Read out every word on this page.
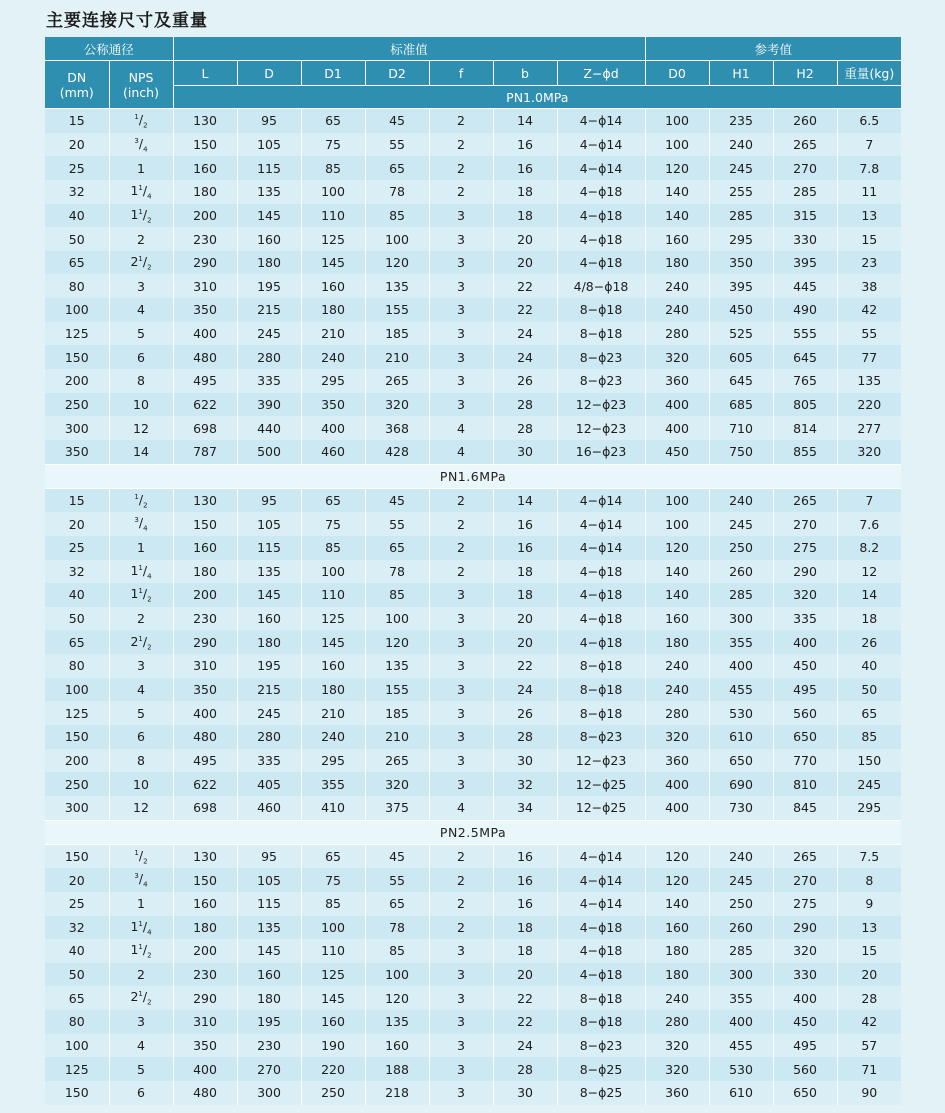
主要连接尺寸及重量
公称通径		标准值							参考值			
DN
(mm)	NPS
(inch)	L	D	D1	D2	f	b	Z−ϕd	D0	H1	H2	重量(kg)
		PN1.0MPa										
15	$^1/_2$	130	95	65	45	2	14	4−ϕ14	100	235	260	6.5
20	$^3/_4$	150	105	75	55	2	16	4−ϕ14	100	240	265	7
25	1	160	115	85	65	2	16	4−ϕ14	120	245	270	7.8
32	$1^1/_4$	180	135	100	78	2	18	4−ϕ18	140	255	285	11
40	$1^1/_2$	200	145	110	85	3	18	4−ϕ18	140	285	315	13
50	2	230	160	125	100	3	20	4−ϕ18	160	295	330	15
65	$2^1/_2$	290	180	145	120	3	20	4−ϕ18	180	350	395	23
80	3	310	195	160	135	3	22	4/8−ϕ18	240	395	445	38
100	4	350	215	180	155	3	22	8−ϕ18	240	450	490	42
125	5	400	245	210	185	3	24	8−ϕ18	280	525	555	55
150	6	480	280	240	210	3	24	8−ϕ23	320	605	645	77
200	8	495	335	295	265	3	26	8−ϕ23	360	645	765	135
250	10	622	390	350	320	3	28	12−ϕ23	400	685	805	220
300	12	698	440	400	368	4	28	12−ϕ23	400	710	814	277
350	14	787	500	460	428	4	30	16−ϕ23	450	750	855	320
PN1.6MPa												
15	$^1/_2$	130	95	65	45	2	14	4−ϕ14	100	240	265	7
20	$^3/_4$	150	105	75	55	2	16	4−ϕ14	100	245	270	7.6
25	1	160	115	85	65	2	16	4−ϕ14	120	250	275	8.2
32	$1^1/_4$	180	135	100	78	2	18	4−ϕ18	140	260	290	12
40	$1^1/_2$	200	145	110	85	3	18	4−ϕ18	140	285	320	14
50	2	230	160	125	100	3	20	4−ϕ18	160	300	335	18
65	$2^1/_2$	290	180	145	120	3	20	4−ϕ18	180	355	400	26
80	3	310	195	160	135	3	22	8−ϕ18	240	400	450	40
100	4	350	215	180	155	3	24	8−ϕ18	240	455	495	50
125	5	400	245	210	185	3	26	8−ϕ18	280	530	560	65
150	6	480	280	240	210	3	28	8−ϕ23	320	610	650	85
200	8	495	335	295	265	3	30	12−ϕ23	360	650	770	150
250	10	622	405	355	320	3	32	12−ϕ25	400	690	810	245
300	12	698	460	410	375	4	34	12−ϕ25	400	730	845	295
PN2.5MPa												
150	$^1/_2$	130	95	65	45	2	16	4−ϕ14	120	240	265	7.5
20	$^3/_4$	150	105	75	55	2	16	4−ϕ14	120	245	270	8
25	1	160	115	85	65	2	16	4−ϕ14	140	250	275	9
32	$1^1/_4$	180	135	100	78	2	18	4−ϕ18	160	260	290	13
40	$1^1/_2$	200	145	110	85	3	18	4−ϕ18	180	285	320	15
50	2	230	160	125	100	3	20	4−ϕ18	180	300	330	20
65	$2^1/_2$	290	180	145	120	3	22	8−ϕ18	240	355	400	28
80	3	310	195	160	135	3	22	8−ϕ18	280	400	450	42
100	4	350	230	190	160	3	24	8−ϕ23	320	455	495	57
125	5	400	270	220	188	3	28	8−ϕ25	320	530	560	71
150	6	480	300	250	218	3	30	8−ϕ25	360	610	650	90
